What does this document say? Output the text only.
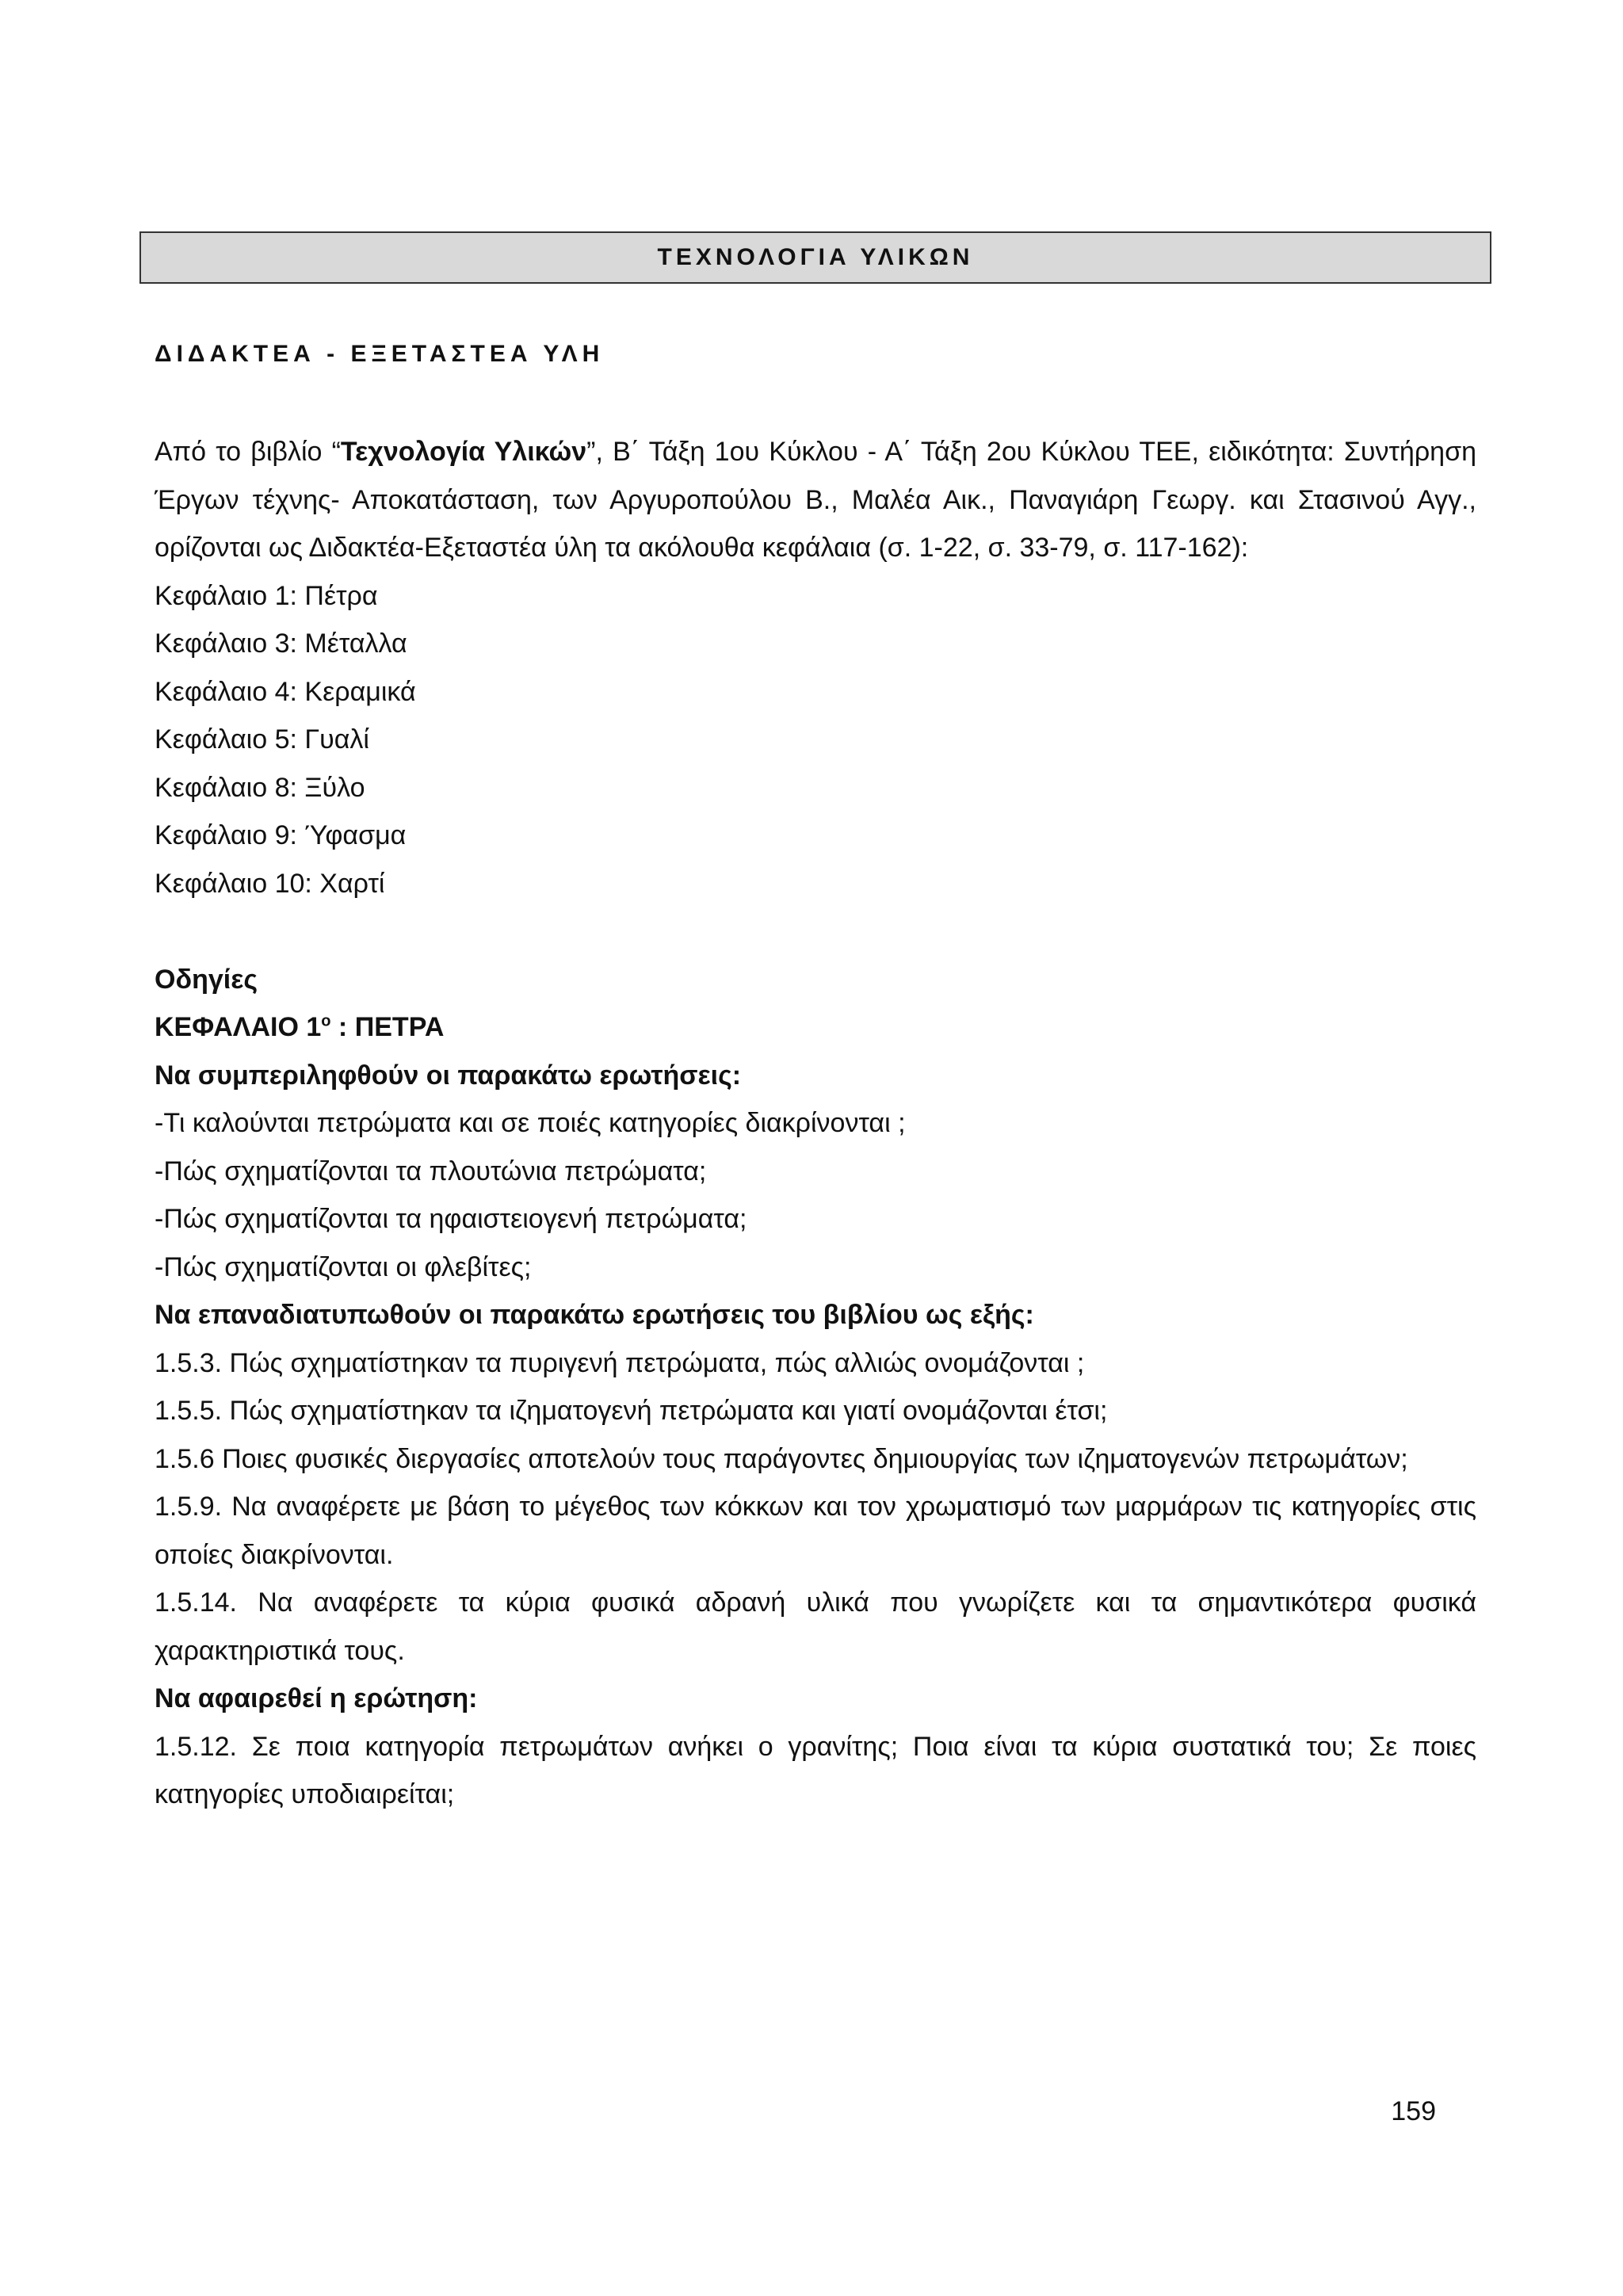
ΤΕΧΝΟΛΟΓΙΑ ΥΛΙΚΩΝ
ΔΙΔΑΚΤΕΑ - ΕΞΕΤΑΣΤΕΑ ΥΛΗ

Από το βιβλίο “Τεχνολογία Υλικών”, Β΄ Τάξη 1ου Κύκλου - Α΄ Τάξη 2ου Κύκλου ΤΕΕ, ειδικότητα: Συντήρηση Έργων τέχνης- Αποκατάσταση, των Αργυροπούλου Β., Μαλέα Αικ., Παναγιάρη Γεωργ. και Στασινού Αγγ., ορίζονται ως Διδακτέα-Εξεταστέα ύλη τα ακόλουθα κεφάλαια (σ. 1-22, σ. 33-79, σ. 117-162):

Κεφάλαιο 1: Πέτρα

Κεφάλαιο 3: Μέταλλα

Κεφάλαιο 4: Κεραμικά

Κεφάλαιο 5: Γυαλί

Κεφάλαιο 8: Ξύλο

Κεφάλαιο 9: Ύφασμα

Κεφάλαιο 10: Χαρτί

Οδηγίες

ΚΕΦΑΛΑΙΟ $1^o$ : ΠΕΤΡΑ

Να συμπεριληφθούν οι παρακάτω ερωτήσεις:

-Τι καλούνται πετρώματα και σε ποιές κατηγορίες διακρίνονται ;

-Πώς σχηματίζονται τα πλουτώνια πετρώματα;

-Πώς σχηματίζονται τα ηφαιστειογενή πετρώματα;

-Πώς σχηματίζονται οι φλεβίτες;

Να επαναδιατυπωθούν οι παρακάτω ερωτήσεις του βιβλίου ως εξής:

1.5.3. Πώς σχηματίστηκαν τα πυριγενή πετρώματα, πώς αλλιώς ονομάζονται ;

1.5.5. Πώς σχηματίστηκαν τα ιζηματογενή πετρώματα και γιατί ονομάζονται έτσι;

1.5.6 Ποιες φυσικές διεργασίες αποτελούν τους παράγοντες δημιουργίας των ιζηματογενών πετρωμάτων;

1.5.9. Να αναφέρετε με βάση το μέγεθος των κόκκων και τον χρωματισμό των μαρμάρων τις κατηγορίες στις οποίες διακρίνονται.

1.5.14. Να αναφέρετε τα κύρια φυσικά αδρανή υλικά που γνωρίζετε και τα σημαντικότερα φυσικά χαρακτηριστικά τους.

Να αφαιρεθεί η ερώτηση:

1.5.12. Σε ποια κατηγορία πετρωμάτων ανήκει ο γρανίτης; Ποια είναι τα κύρια συστατικά του; Σε ποιες κατηγορίες υποδιαιρείται;

159
